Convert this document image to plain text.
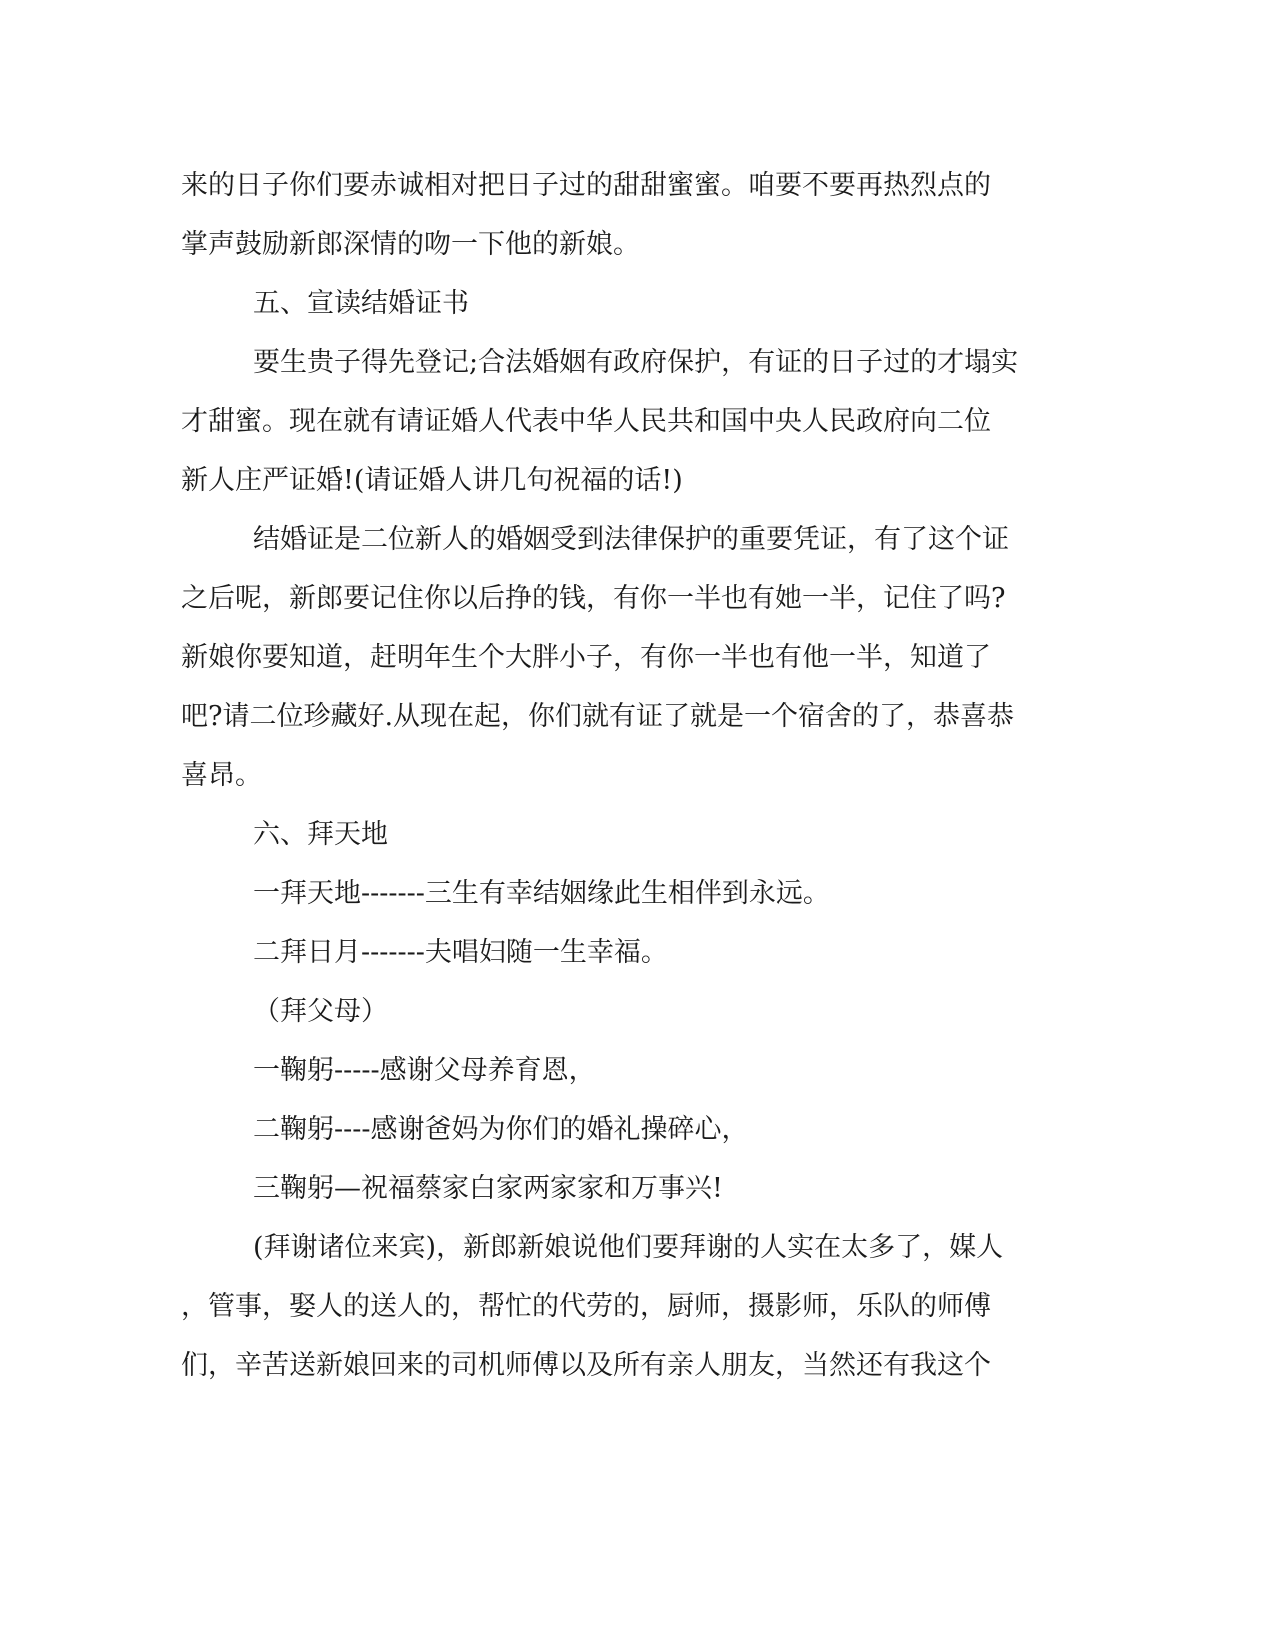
来的日子你们要赤诚相对把日子过的甜甜蜜蜜。咱要不要再热烈点的
掌声鼓励新郎深情的吻一下他的新娘。
五、宣读结婚证书
要生贵子得先登记;合法婚姻有政府保护，有证的日子过的才塌实
才甜蜜。现在就有请证婚人代表中华人民共和国中央人民政府向二位
新人庄严证婚!(请证婚人讲几句祝福的话!)
结婚证是二位新人的婚姻受到法律保护的重要凭证，有了这个证
之后呢，新郎要记住你以后挣的钱，有你一半也有她一半，记住了吗?
新娘你要知道，赶明年生个大胖小子，有你一半也有他一半，知道了
吧?请二位珍藏好.从现在起，你们就有证了就是一个宿舍的了，恭喜恭
喜昂。
六、拜天地
一拜天地-------三生有幸结姻缘此生相伴到永远。
二拜日月-------夫唱妇随一生幸福。
（拜父母）
一鞠躬-----感谢父母养育恩，
二鞠躬----感谢爸妈为你们的婚礼操碎心，
三鞠躬—祝福蔡家白家两家家和万事兴!
(拜谢诸位来宾)，新郎新娘说他们要拜谢的人实在太多了，媒人
，管事，娶人的送人的，帮忙的代劳的，厨师，摄影师，乐队的师傅
们，辛苦送新娘回来的司机师傅以及所有亲人朋友，当然还有我这个
